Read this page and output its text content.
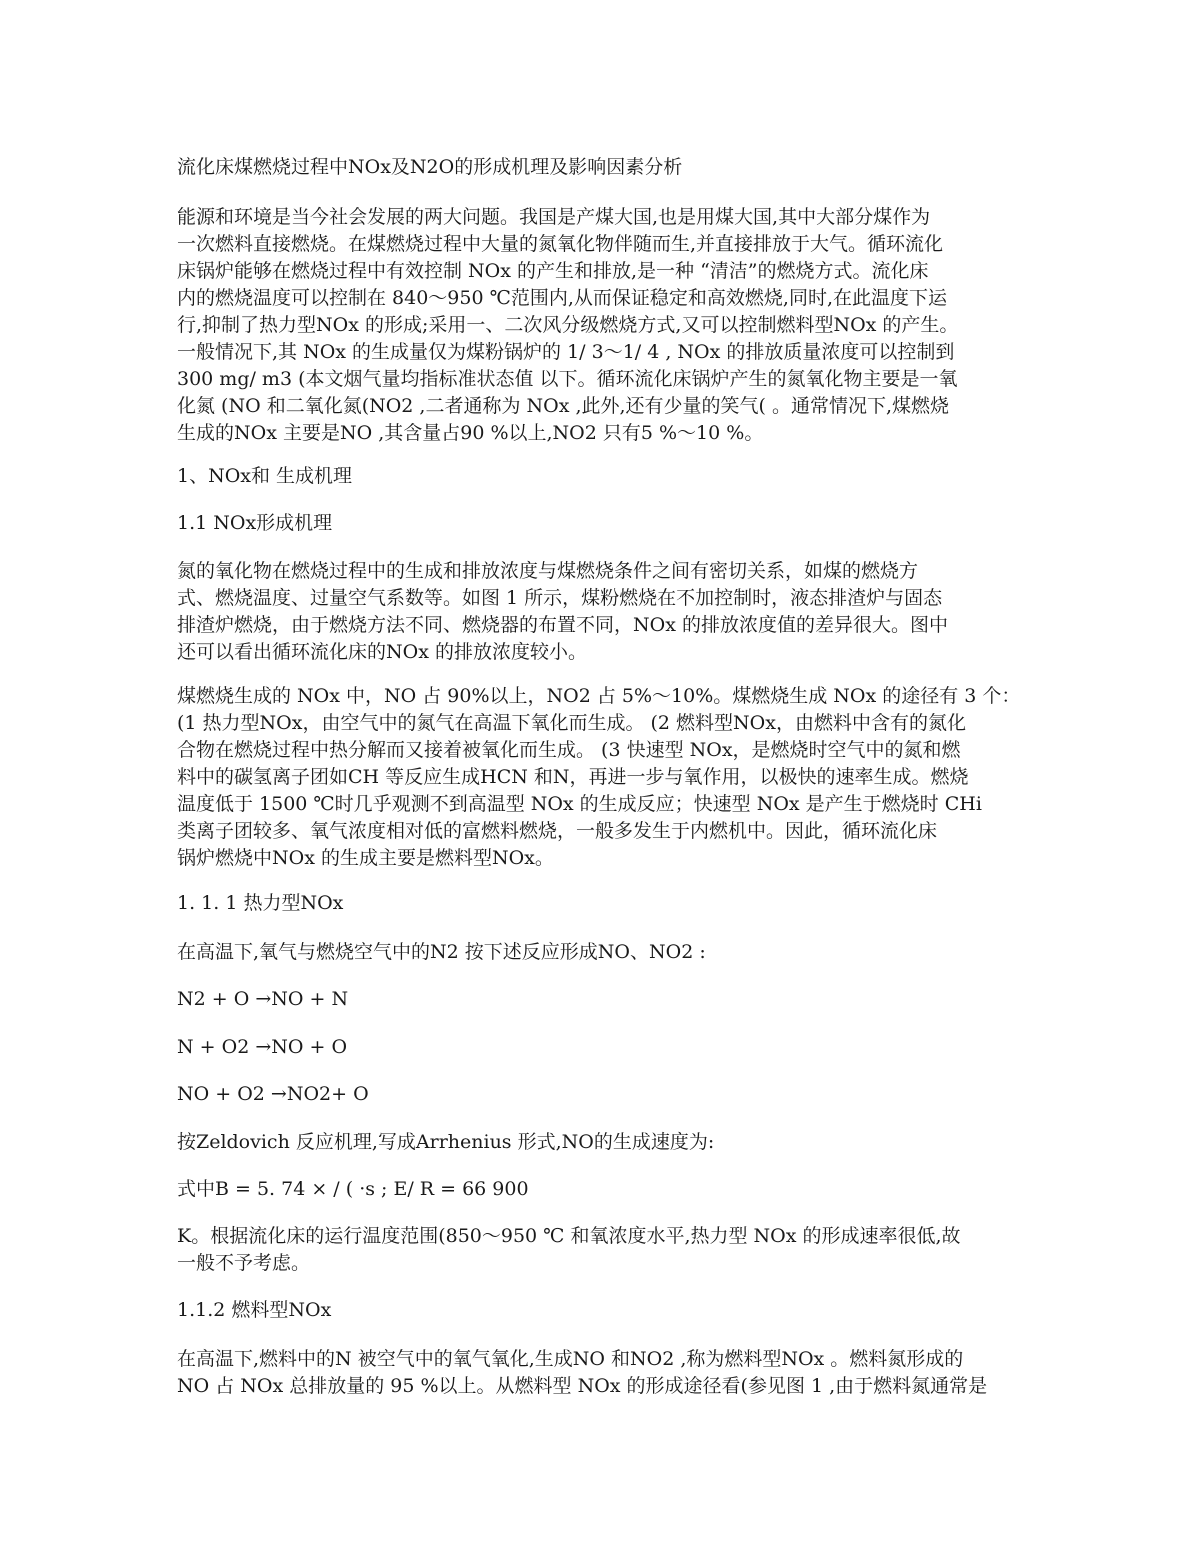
流化床煤燃烧过程中NOx及N2O的形成机理及影响因素分析

能源和环境是当今社会发展的两大问题。我国是产煤大国,也是用煤大国,其中大部分煤作为
一次燃料直接燃烧。在煤燃烧过程中大量的氮氧化物伴随而生,并直接排放于大气。循环流化
床锅炉能够在燃烧过程中有效控制 NOx 的产生和排放,是一种 “清洁”的燃烧方式。流化床
内的燃烧温度可以控制在 840～950 ℃范围内,从而保证稳定和高效燃烧,同时,在此温度下运
行,抑制了热力型NOx 的形成;采用一、二次风分级燃烧方式,又可以控制燃料型NOx 的产生。
一般情况下,其 NOx 的生成量仅为煤粉锅炉的 1/ 3～1/ 4 , NOx 的排放质量浓度可以控制到
300 mg/ m3 (本文烟气量均指标准状态值 以下。循环流化床锅炉产生的氮氧化物主要是一氧
化氮 (NO 和二氧化氮(NO2 ,二者通称为 NOx ,此外,还有少量的笑气( 。通常情况下,煤燃烧
生成的NOx 主要是NO ,其含量占90 %以上,NO2 只有5 %～10 %。

1、NOx和 生成机理

1.1 NOx形成机理

氮的氧化物在燃烧过程中的生成和排放浓度与煤燃烧条件之间有密切关系，如煤的燃烧方
式、燃烧温度、过量空气系数等。如图 1 所示，煤粉燃烧在不加控制时，液态排渣炉与固态
排渣炉燃烧，由于燃烧方法不同、燃烧器的布置不同，NOx 的排放浓度值的差异很大。图中
还可以看出循环流化床的NOx 的排放浓度较小。

煤燃烧生成的 NOx 中，NO 占 90%以上，NO2 占 5%～10%。煤燃烧生成 NOx 的途径有 3 个：
(1 热力型NOx，由空气中的氮气在高温下氧化而生成。 (2 燃料型NOx，由燃料中含有的氮化
合物在燃烧过程中热分解而又接着被氧化而生成。 (3 快速型 NOx，是燃烧时空气中的氮和燃
料中的碳氢离子团如CH 等反应生成HCN 和N，再进一步与氧作用，以极快的速率生成。燃烧
温度低于 1500 ℃时几乎观测不到高温型 NOx 的生成反应；快速型 NOx 是产生于燃烧时 CHi
类离子团较多、氧气浓度相对低的富燃料燃烧，一般多发生于内燃机中。因此，循环流化床
锅炉燃烧中NOx 的生成主要是燃料型NOx。

1. 1. 1 热力型NOx

在高温下,氧气与燃烧空气中的N2 按下述反应形成NO、NO2 :

N2 + O →NO + N

N + O2 →NO + O

NO + O2 →NO2+ O

按Zeldovich 反应机理,写成Arrhenius 形式,NO的生成速度为:

式中B = 5. 74 × / ( ·s ; E/ R = 66 900

K。根据流化床的运行温度范围(850～950 ℃ 和氧浓度水平,热力型 NOx 的形成速率很低,故
一般不予考虑。

1.1.2 燃料型NOx

在高温下,燃料中的N 被空气中的氧气氧化,生成NO 和NO2 ,称为燃料型NOx 。燃料氮形成的
NO 占 NOx 总排放量的 95 %以上。从燃料型 NOx 的形成途径看(参见图 1 ,由于燃料氮通常是
